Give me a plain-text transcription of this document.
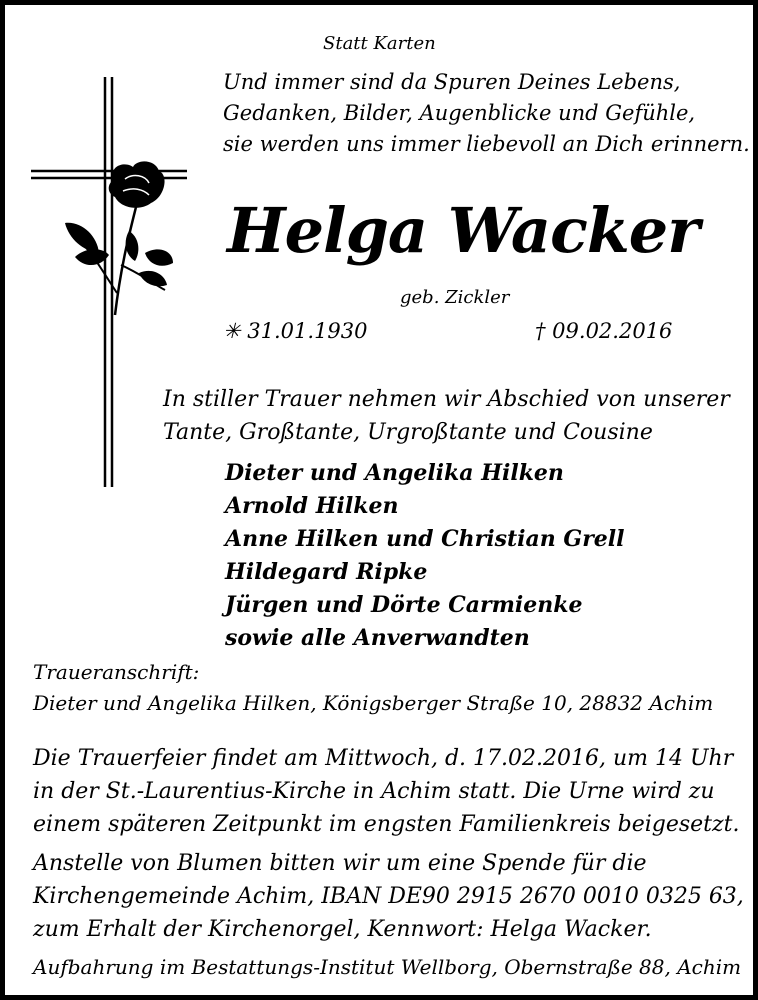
Statt Karten
Und immer sind da Spuren Deines Lebens,
Gedanken, Bilder, Augenblicke und Gefühle,
sie werden uns immer liebevoll an Dich erinnern.
Helga Wacker
geb. Zickler
✳ 31.01.1930	† 09.02.2016
In stiller Trauer nehmen wir Abschied von unserer
Tante, Großtante, Urgroßtante und Cousine
Dieter und Angelika Hilken
Arnold Hilken
Anne Hilken und Christian Grell
Hildegard Ripke
Jürgen und Dörte Carmienke
sowie alle Anverwandten
Traueranschrift:
Dieter und Angelika Hilken, Königsberger Straße 10, 28832 Achim
Die Trauerfeier findet am Mittwoch, d. 17.02.2016, um 14 Uhr
in der St.-Laurentius-Kirche in Achim statt. Die Urne wird zu
einem späteren Zeitpunkt im engsten Familienkreis beigesetzt.
Anstelle von Blumen bitten wir um eine Spende für die
Kirchengemeinde Achim, IBAN DE90 2915 2670 0010 0325 63,
zum Erhalt der Kirchenorgel, Kennwort: Helga Wacker.
Aufbahrung im Bestattungs-Institut Wellborg, Obernstraße 88, Achim
